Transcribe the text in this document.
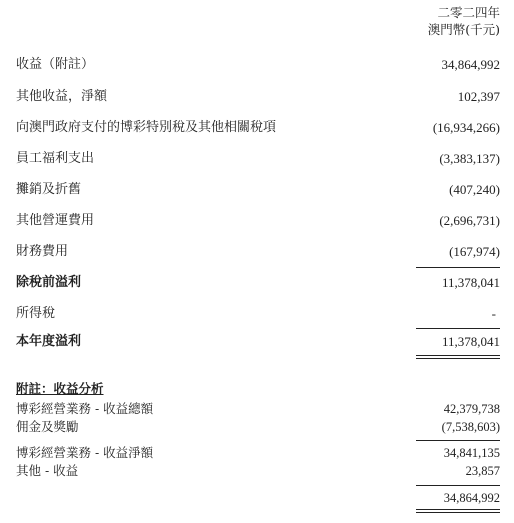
二零二四年
澳門幣(千元)
收益（附註）	34,864,992
其他收益，淨額	102,397
向澳門政府支付的博彩特別稅及其他相關稅項	(16,934,266)
員工福利支出	(3,383,137)
攤銷及折舊	(407,240)
其他營運費用	(2,696,731)
財務費用	(167,974)
除稅前溢利	11,378,041
所得稅	-
本年度溢利	11,378,041
附註：收益分析
博彩經營業務 - 收益總額	42,379,738
佣金及獎勵	(7,538,603)
博彩經營業務 - 收益淨額	34,841,135
其他 - 收益	23,857
34,864,992
